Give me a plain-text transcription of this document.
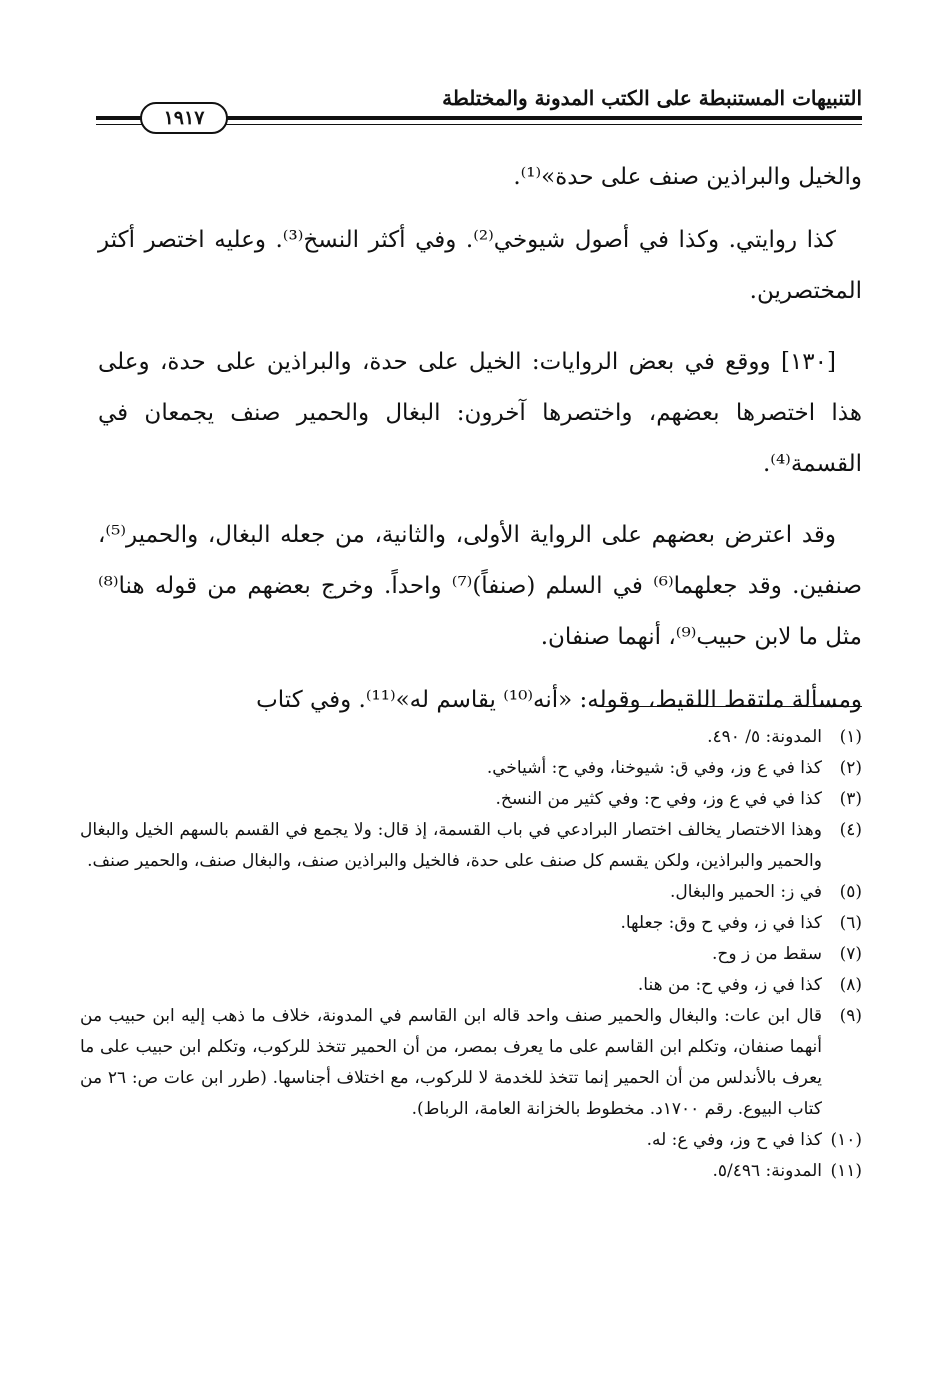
التنبيهات المستنبطة على الكتب المدونة والمختلطة
١٩١٧

والخيل والبراذين صنف على حدة»⁽¹⁾.

كذا روايتي. وكذا في أصول شيوخي⁽²⁾. وفي أكثر النسخ⁽³⁾. وعليه اختصر أكثر المختصرين.

[١٣٠] ووقع في بعض الروايات: الخيل على حدة، والبراذين على حدة، وعلى هذا اختصرها بعضهم، واختصرها آخرون: البغال والحمير صنف يجمعان في القسمة⁽⁴⁾.

وقد اعترض بعضهم على الرواية الأولى، والثانية، من جعله البغال، والحمير⁽⁵⁾، صنفين. وقد جعلهما⁽⁶⁾ في السلم (صنفاً)⁽⁷⁾ واحداً. وخرج بعضهم من قوله هنا⁽⁸⁾ مثل ما لابن حبيب⁽⁹⁾، أنهما صنفان.

ومسألة ملتقط اللقيط، وقوله: «أنه⁽¹⁰⁾ يقاسم له»⁽¹¹⁾. وفي كتاب

(١)
المدونة: ٥/ ٤٩٠.
(٢)
كذا في ع وز، وفي ق: شيوخنا، وفي ح: أشياخي.
(٣)
كذا في في ع وز، وفي ح: وفي كثير من النسخ.
(٤)
وهذا الاختصار يخالف اختصار البرادعي في باب القسمة، إذ قال: ولا يجمع في القسم بالسهم الخيل والبغال والحمير والبراذين، ولكن يقسم كل صنف على حدة، فالخيل والبراذين صنف، والبغال صنف، والحمير صنف.
(٥)
في ز: الحمير والبغال.
(٦)
كذا في ز، وفي ح وق: جعلها.
(٧)
سقط من ز وح.
(٨)
كذا في ز، وفي ح: من هنا.
(٩)
قال ابن عات: والبغال والحمير صنف واحد قاله ابن القاسم في المدونة، خلاف ما ذهب إليه ابن حبيب من أنهما صنفان، وتكلم ابن القاسم على ما يعرف بمصر، من أن الحمير تتخذ للركوب، وتكلم ابن حبيب على ما يعرف بالأندلس من أن الحمير إنما تتخذ للخدمة لا للركوب، مع اختلاف أجناسها. (طرر ابن عات ص: ٢٦ من كتاب البيوع. رقم ١٧٠٠د. مخطوط بالخزانة العامة، الرباط).
(١٠)
كذا في ح وز، وفي ع: له.
(١١)
المدونة: ٥/٤٩٦.
